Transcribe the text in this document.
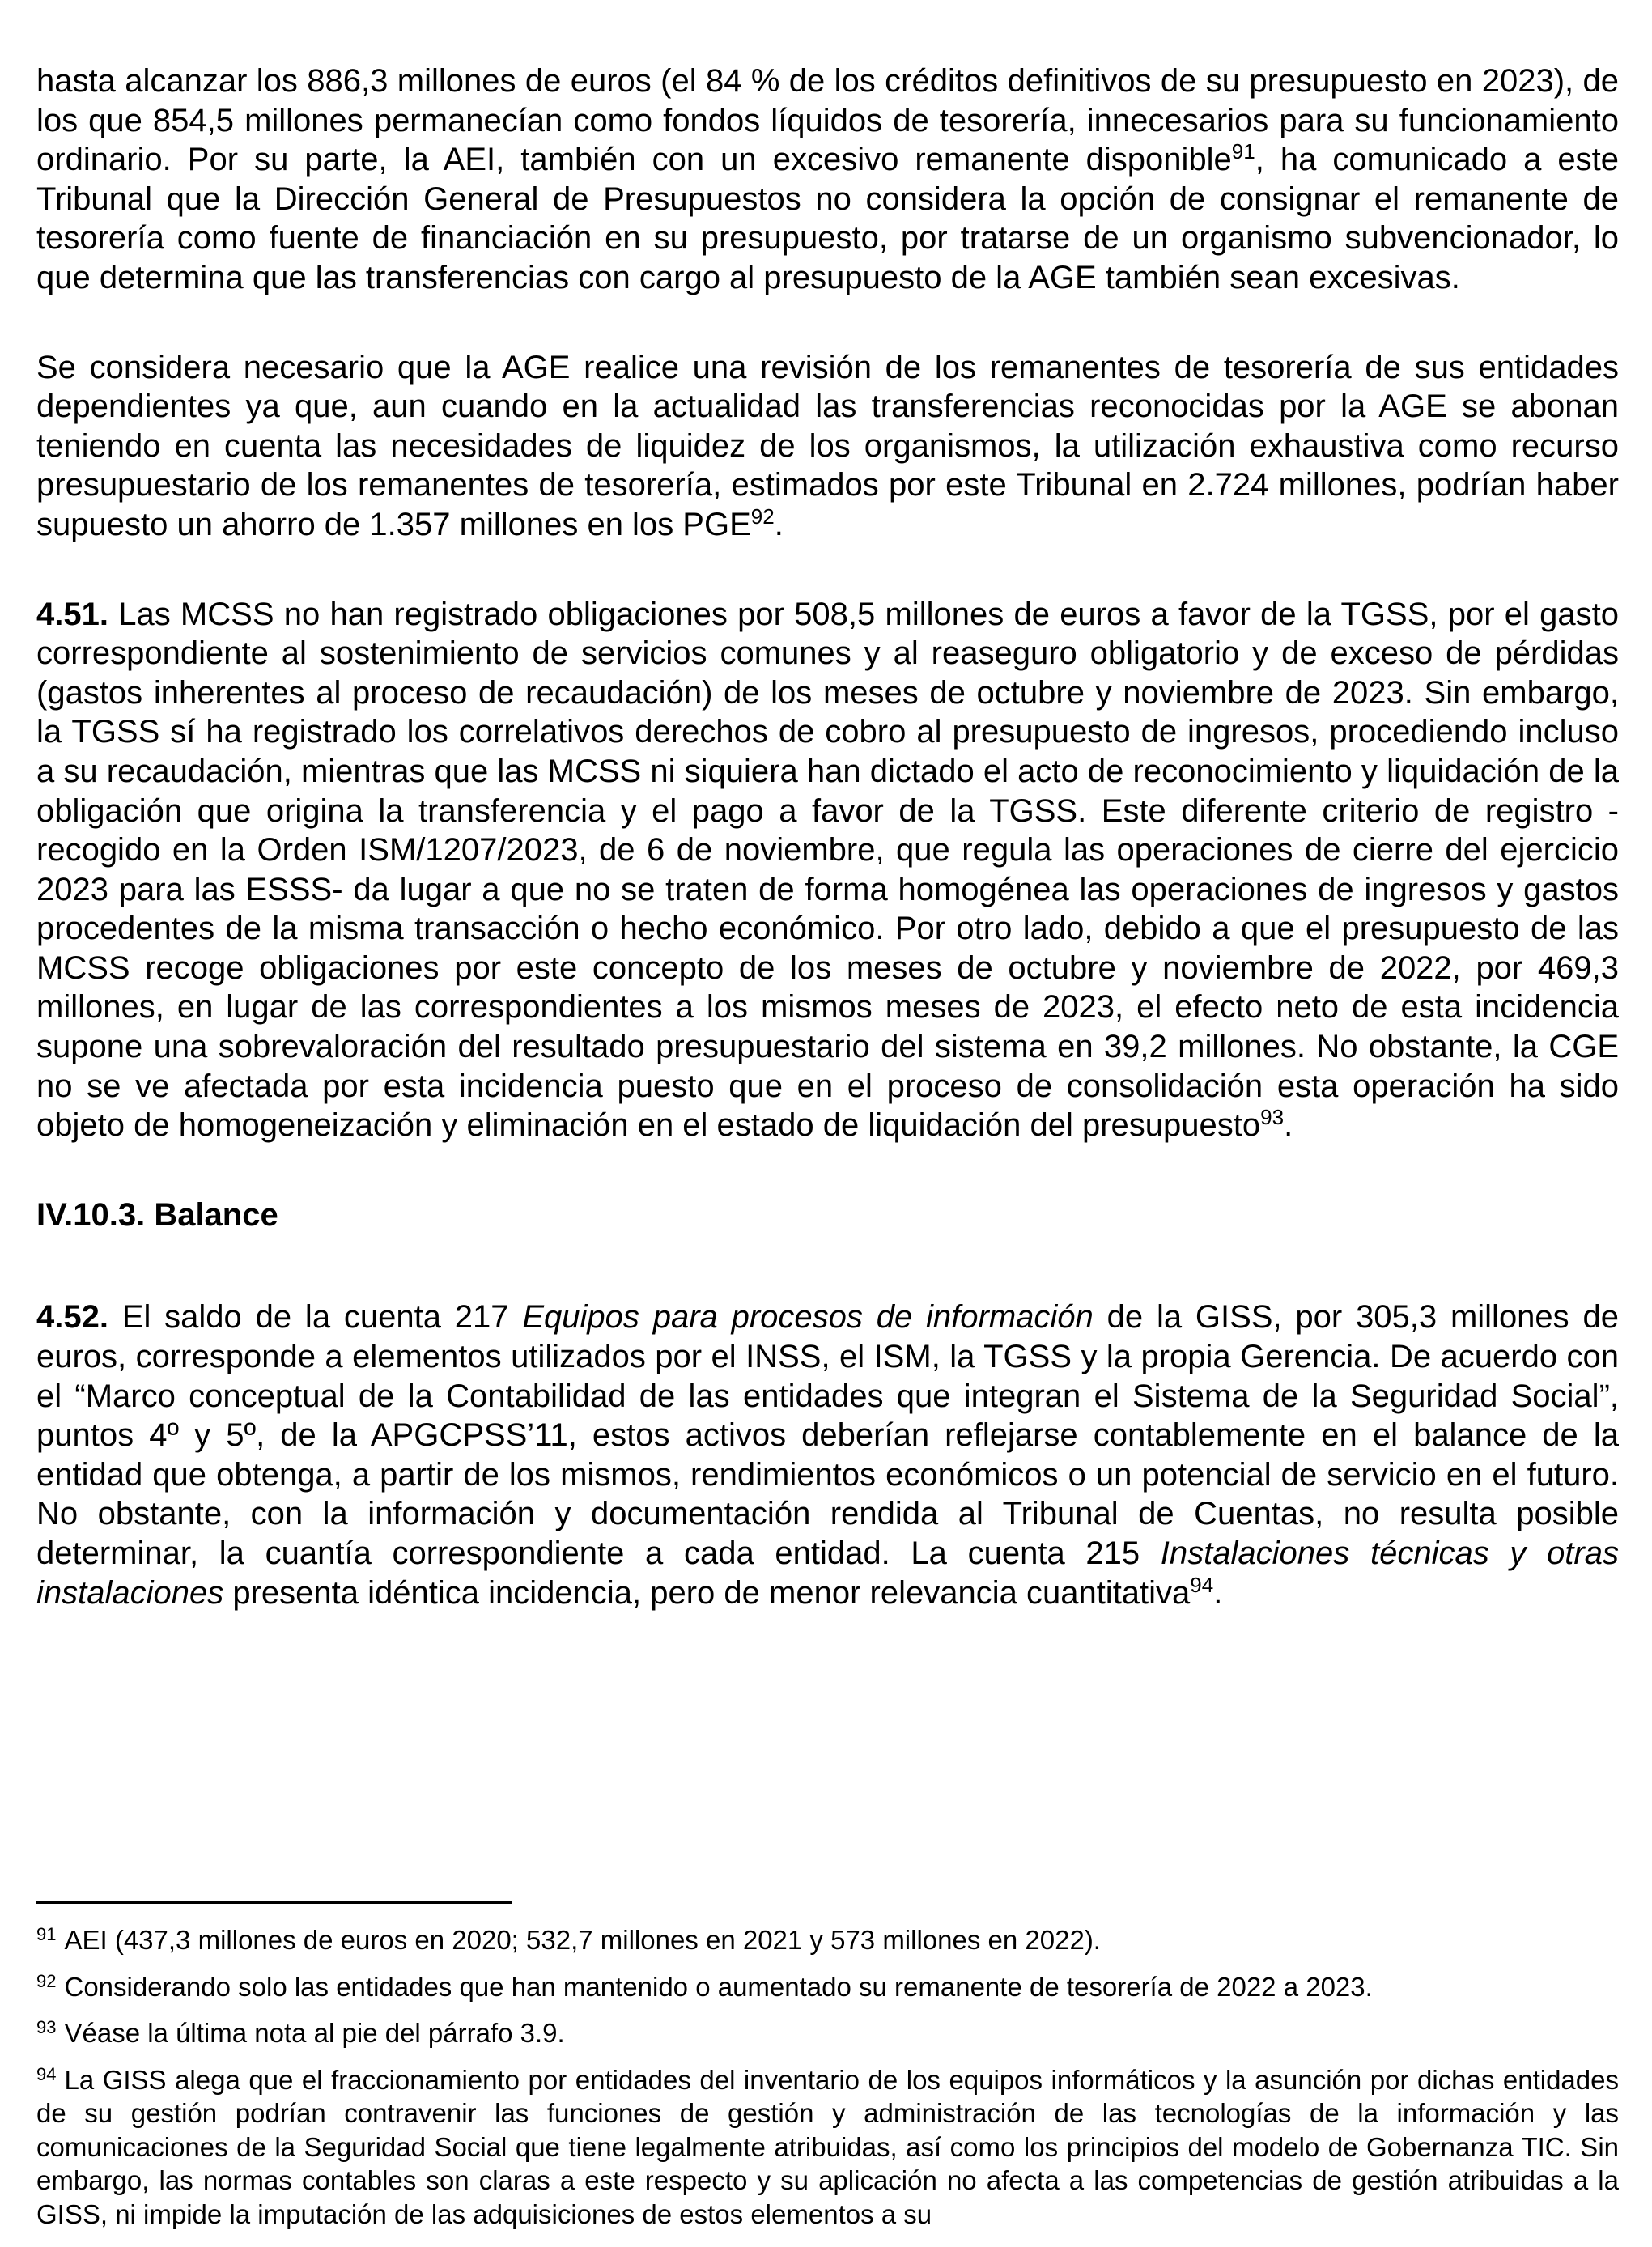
hasta alcanzar los 886,3 millones de euros (el 84 % de los créditos definitivos de su presupuesto en 2023), de los que 854,5 millones permanecían como fondos líquidos de tesorería, innecesarios para su funcionamiento ordinario. Por su parte, la AEI, también con un excesivo remanente disponible$^{91}$, ha comunicado a este Tribunal que la Dirección General de Presupuestos no considera la opción de consignar el remanente de tesorería como fuente de financiación en su presupuesto, por tratarse de un organismo subvencionador, lo que determina que las transferencias con cargo al presupuesto de la AGE también sean excesivas.

Se considera necesario que la AGE realice una revisión de los remanentes de tesorería de sus entidades dependientes ya que, aun cuando en la actualidad las transferencias reconocidas por la AGE se abonan teniendo en cuenta las necesidades de liquidez de los organismos, la utilización exhaustiva como recurso presupuestario de los remanentes de tesorería, estimados por este Tribunal en 2.724 millones, podrían haber supuesto un ahorro de 1.357 millones en los PGE$^{92}$.

4.51. Las MCSS no han registrado obligaciones por 508,5 millones de euros a favor de la TGSS, por el gasto correspondiente al sostenimiento de servicios comunes y al reaseguro obligatorio y de exceso de pérdidas (gastos inherentes al proceso de recaudación) de los meses de octubre y noviembre de 2023. Sin embargo, la TGSS sí ha registrado los correlativos derechos de cobro al presupuesto de ingresos, procediendo incluso a su recaudación, mientras que las MCSS ni siquiera han dictado el acto de reconocimiento y liquidación de la obligación que origina la transferencia y el pago a favor de la TGSS. Este diferente criterio de registro -recogido en la Orden ISM/1207/2023, de 6 de noviembre, que regula las operaciones de cierre del ejercicio 2023 para las ESSS- da lugar a que no se traten de forma homogénea las operaciones de ingresos y gastos procedentes de la misma transacción o hecho económico. Por otro lado, debido a que el presupuesto de las MCSS recoge obligaciones por este concepto de los meses de octubre y noviembre de 2022, por 469,3 millones, en lugar de las correspondientes a los mismos meses de 2023, el efecto neto de esta incidencia supone una sobrevaloración del resultado presupuestario del sistema en 39,2 millones. No obstante, la CGE no se ve afectada por esta incidencia puesto que en el proceso de consolidación esta operación ha sido objeto de homogeneización y eliminación en el estado de liquidación del presupuesto$^{93}$.

IV.10.3. Balance

4.52. El saldo de la cuenta 217 Equipos para procesos de información de la GISS, por 305,3 millones de euros, corresponde a elementos utilizados por el INSS, el ISM, la TGSS y la propia Gerencia. De acuerdo con el “Marco conceptual de la Contabilidad de las entidades que integran el Sistema de la Seguridad Social”, puntos 4º y 5º, de la APGCPSS’11, estos activos deberían reflejarse contablemente en el balance de la entidad que obtenga, a partir de los mismos, rendimientos económicos o un potencial de servicio en el futuro. No obstante, con la información y documentación rendida al Tribunal de Cuentas, no resulta posible determinar, la cuantía correspondiente a cada entidad. La cuenta 215 Instalaciones técnicas y otras instalaciones presenta idéntica incidencia, pero de menor relevancia cuantitativa$^{94}$.

$^{91}$ AEI (437,3 millones de euros en 2020; 532,7 millones en 2021 y 573 millones en 2022).
$^{92}$ Considerando solo las entidades que han mantenido o aumentado su remanente de tesorería de 2022 a 2023.
$^{93}$ Véase la última nota al pie del párrafo 3.9.
$^{94}$ La GISS alega que el fraccionamiento por entidades del inventario de los equipos informáticos y la asunción por dichas entidades de su gestión podrían contravenir las funciones de gestión y administración de las tecnologías de la información y las comunicaciones de la Seguridad Social que tiene legalmente atribuidas, así como los principios del modelo de Gobernanza TIC. Sin embargo, las normas contables son claras a este respecto y su aplicación no afecta a las competencias de gestión atribuidas a la GISS, ni impide la imputación de las adquisiciones de estos elementos a su
